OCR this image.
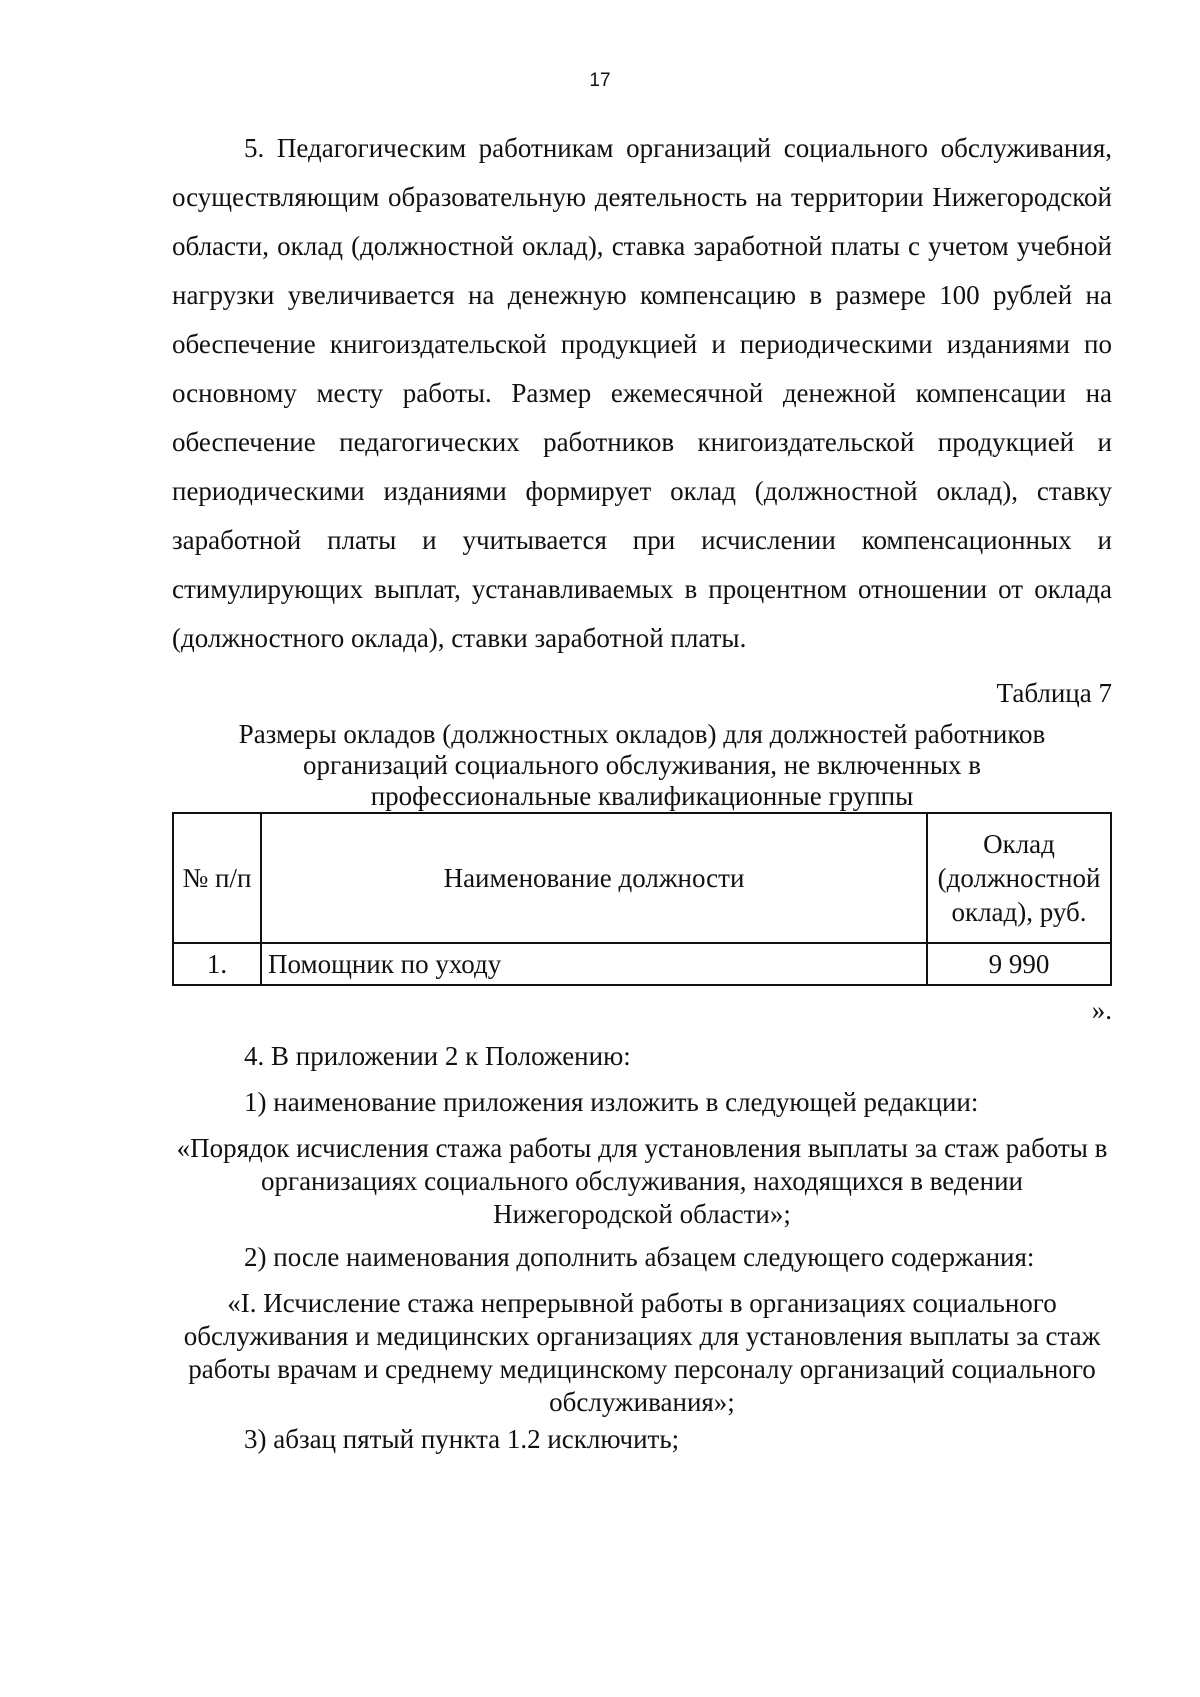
17

5. Педагогическим работникам организаций социального обслуживания, осуществляющим образовательную деятельность на территории Нижегородской области, оклад (должностной оклад), ставка заработной платы с учетом учебной нагрузки увеличивается на денежную компенсацию в размере 100 рублей на обеспечение книгоиздательской продукцией и периодическими изданиями по основному месту работы. Размер ежемесячной денежной компенсации на обеспечение педагогических работников книгоиздательской продукцией и периодическими изданиями формирует оклад (должностной оклад), ставку заработной платы и учитывается при исчислении компенсационных и стимулирующих выплат, устанавливаемых в процентном отношении от оклада (должностного оклада), ставки заработной платы.

Таблица 7

Размеры окладов (должностных окладов) для должностей работников организаций социального обслуживания, не включенных в профессиональные квалификационные группы

№ п/п	Наименование должности	Оклад (должностной оклад), руб.
1.	Помощник по уходу	9 990

».

4. В приложении 2 к Положению:

1) наименование приложения изложить в следующей редакции:

«Порядок исчисления стажа работы для установления выплаты за стаж работы в организациях социального обслуживания, находящихся в ведении Нижегородской области»;

2) после наименования дополнить абзацем следующего содержания:

«I. Исчисление стажа непрерывной работы в организациях социального обслуживания и медицинских организациях для установления выплаты за стаж работы врачам и среднему медицинскому персоналу организаций социального обслуживания»;

3) абзац пятый пункта 1.2 исключить;
